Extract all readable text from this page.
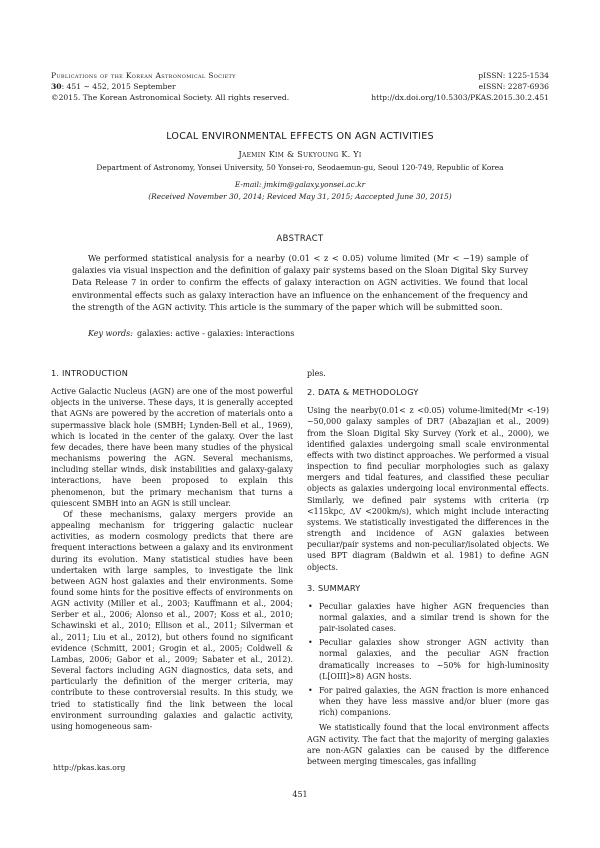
Publications of the Korean Astronomical Society
30: 451 ∼ 452, 2015 September
©2015. The Korean Astronomical Society. All rights reserved.
pISSN: 1225-1534
eISSN: 2287-6936
http://dx.doi.org/10.5303/PKAS.2015.30.2.451
LOCAL ENVIRONMENTAL EFFECTS ON AGN ACTIVITIES
Jaemin Kim & Sukyoung K. Yi
Department of Astronomy, Yonsei University, 50 Yonsei-ro, Seodaemun-gu, Seoul 120-749, Republic of Korea
E-mail: jmkim@galaxy.yonsei.ac.kr
(Received November 30, 2014; Reviced May 31, 2015; Aaccepted June 30, 2015)
ABSTRACT

We performed statistical analysis for a nearby (0.01 < z < 0.05) volume limited (Mr < −19) sample of galaxies via visual inspection and the definition of galaxy pair systems based on the Sloan Digital Sky Survey Data Release 7 in order to confirm the effects of galaxy interaction on AGN activities. We found that local environmental effects such as galaxy interaction have an influence on the enhancement of the frequency and the strength of the AGN activity. This article is the summary of the paper which will be submitted soon.

Key words: galaxies: active - galaxies: interactions
1. INTRODUCTION

Active Galactic Nucleus (AGN) are one of the most powerful objects in the universe. These days, it is generally accepted that AGNs are powered by the accretion of materials onto a supermassive black hole (SMBH; Lynden-Bell et al., 1969), which is located in the center of the galaxy. Over the last few decades, there have been many studies of the physical mechanisms powering the AGN. Several mechanisms, including stellar winds, disk instabilities and galaxy-galaxy interactions, have been proposed to explain this phenomenon, but the primary mechanism that turns a quiescent SMBH into an AGN is still unclear.

Of these mechanisms, galaxy mergers provide an appealing mechanism for triggering galactic nuclear activities, as modern cosmology predicts that there are frequent interactions between a galaxy and its environment during its evolution. Many statistical studies have been undertaken with large samples, to investigate the link between AGN host galaxies and their environments. Some found some hints for the positive effects of environments on AGN activity (Miller et al., 2003; Kauffmann et al., 2004; Serber et al., 2006; Alonso et al., 2007; Koss et al., 2010; Schawinski et al., 2010; Ellison et al., 2011; Silverman et al., 2011; Liu et al., 2012), but others found no significant evidence (Schmitt, 2001; Grogin et al., 2005; Coldwell & Lambas, 2006; Gabor et al., 2009; Sabater et al., 2012). Several factors including AGN diagnostics, data sets, and particularly the definition of the merger criteria, may contribute to these controversial results. In this study, we tried to statistically find the link between the local environment surrounding galaxies and galactic activity, using homogeneous sam-

ples.

2. DATA & METHODOLOGY

Using the nearby(0.01< z <0.05) volume-limited(Mr <-19) ∼50,000 galaxy samples of DR7 (Abazajian et al., 2009) from the Sloan Digital Sky Survey (York et al., 2000), we identified galaxies undergoing small scale environmental effects with two distinct approaches. We performed a visual inspection to find peculiar morphologies such as galaxy mergers and tidal features, and classified these peculiar objects as galaxies undergoing local environmental effects. Similarly, we defined pair systems with criteria (rp <115kpc, ΔV <200km/s), which might include interacting systems. We statistically investigated the differences in the strength and incidence of AGN galaxies between peculiar/pair systems and non-peculiar/isolated objects. We used BPT diagram (Baldwin et al. 1981) to define AGN objects.

3. SUMMARY
• Peculiar galaxies have higher AGN frequencies than normal galaxies, and a similar trend is shown for the pair-isolated cases.
• Peculiar galaxies show stronger AGN activity than normal galaxies, and the peculiar AGN fraction dramatically increases to ∼50% for high-luminosity (L[OIII]>8) AGN hosts.
• For paired galaxies, the AGN fraction is more enhanced when they have less massive and/or bluer (more gas rich) companions.

We statistically found that the local environment affects AGN activity. The fact that the majority of merging galaxies are non-AGN galaxies can be caused by the difference between merging timescales, gas infalling

http://pkas.kas.org
451
